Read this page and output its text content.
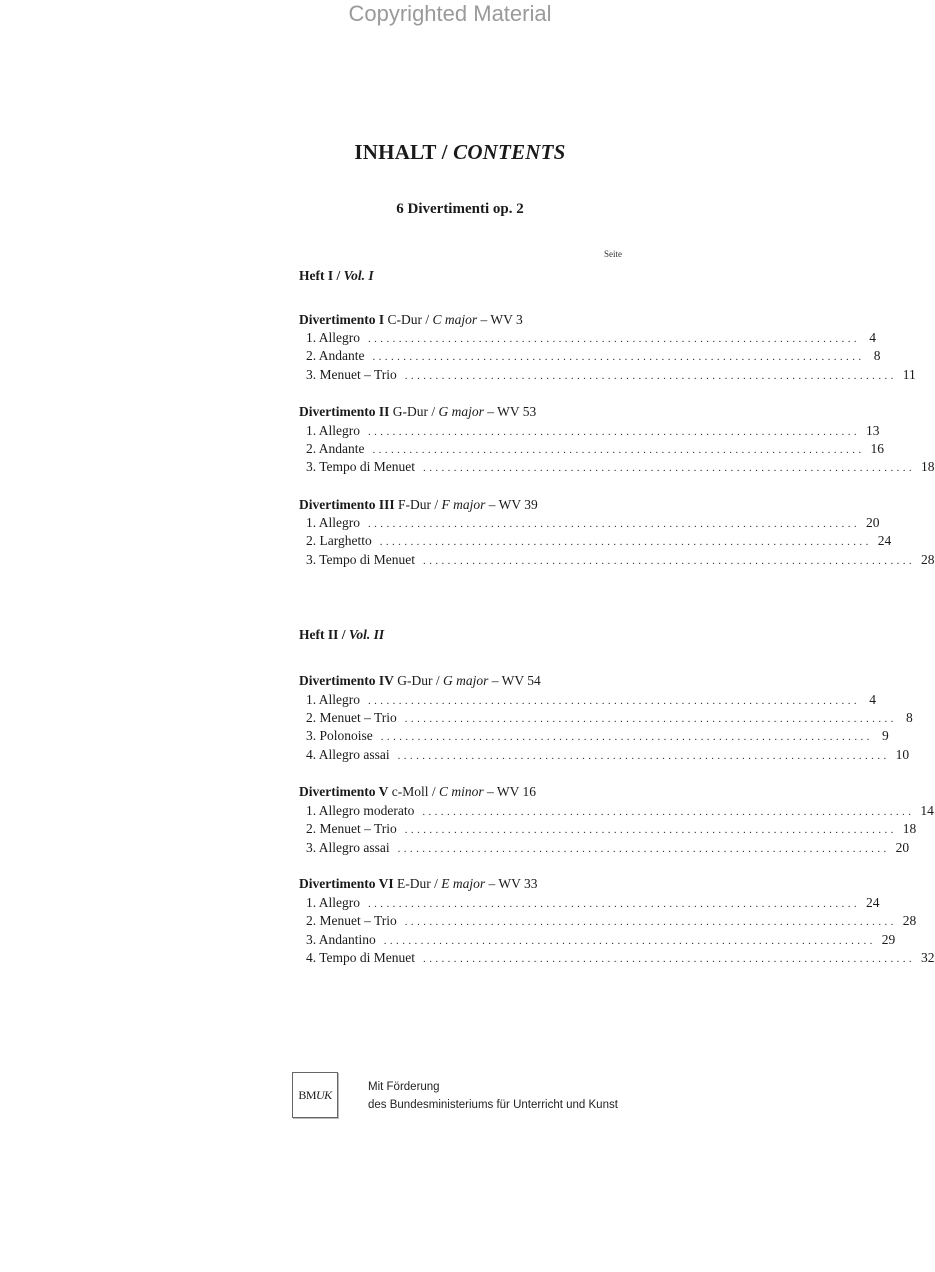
Copyrighted Material
INHALT / CONTENTS
6 Divertimenti op. 2
Seite
Heft I / Vol. I
Divertimento I C-Dur / C major – WV 3
1. Allegro ................................................................................ 4
2. Andante ................................................................................ 8
3. Menuet – Trio ................................................................................ 11
Divertimento II G-Dur / G major – WV 53
1. Allegro ................................................................................ 13
2. Andante ................................................................................ 16
3. Tempo di Menuet ................................................................................ 18
Divertimento III F-Dur / F major – WV 39
1. Allegro ................................................................................ 20
2. Larghetto ................................................................................ 24
3. Tempo di Menuet ................................................................................ 28
Heft II / Vol. II
Divertimento IV G-Dur / G major – WV 54
1. Allegro ................................................................................ 4
2. Menuet – Trio ................................................................................ 8
3. Polonoise ................................................................................ 9
4. Allegro assai ................................................................................ 10
Divertimento V c-Moll / C minor – WV 16
1. Allegro moderato ................................................................................ 14
2. Menuet – Trio ................................................................................ 18
3. Allegro assai ................................................................................ 20
Divertimento VI E-Dur / E major – WV 33
1. Allegro ................................................................................ 24
2. Menuet – Trio ................................................................................ 28
3. Andantino ................................................................................ 29
4. Tempo di Menuet ................................................................................ 32
BM UK
Mit Förderung
des Bundesministeriums für Unterricht und Kunst
